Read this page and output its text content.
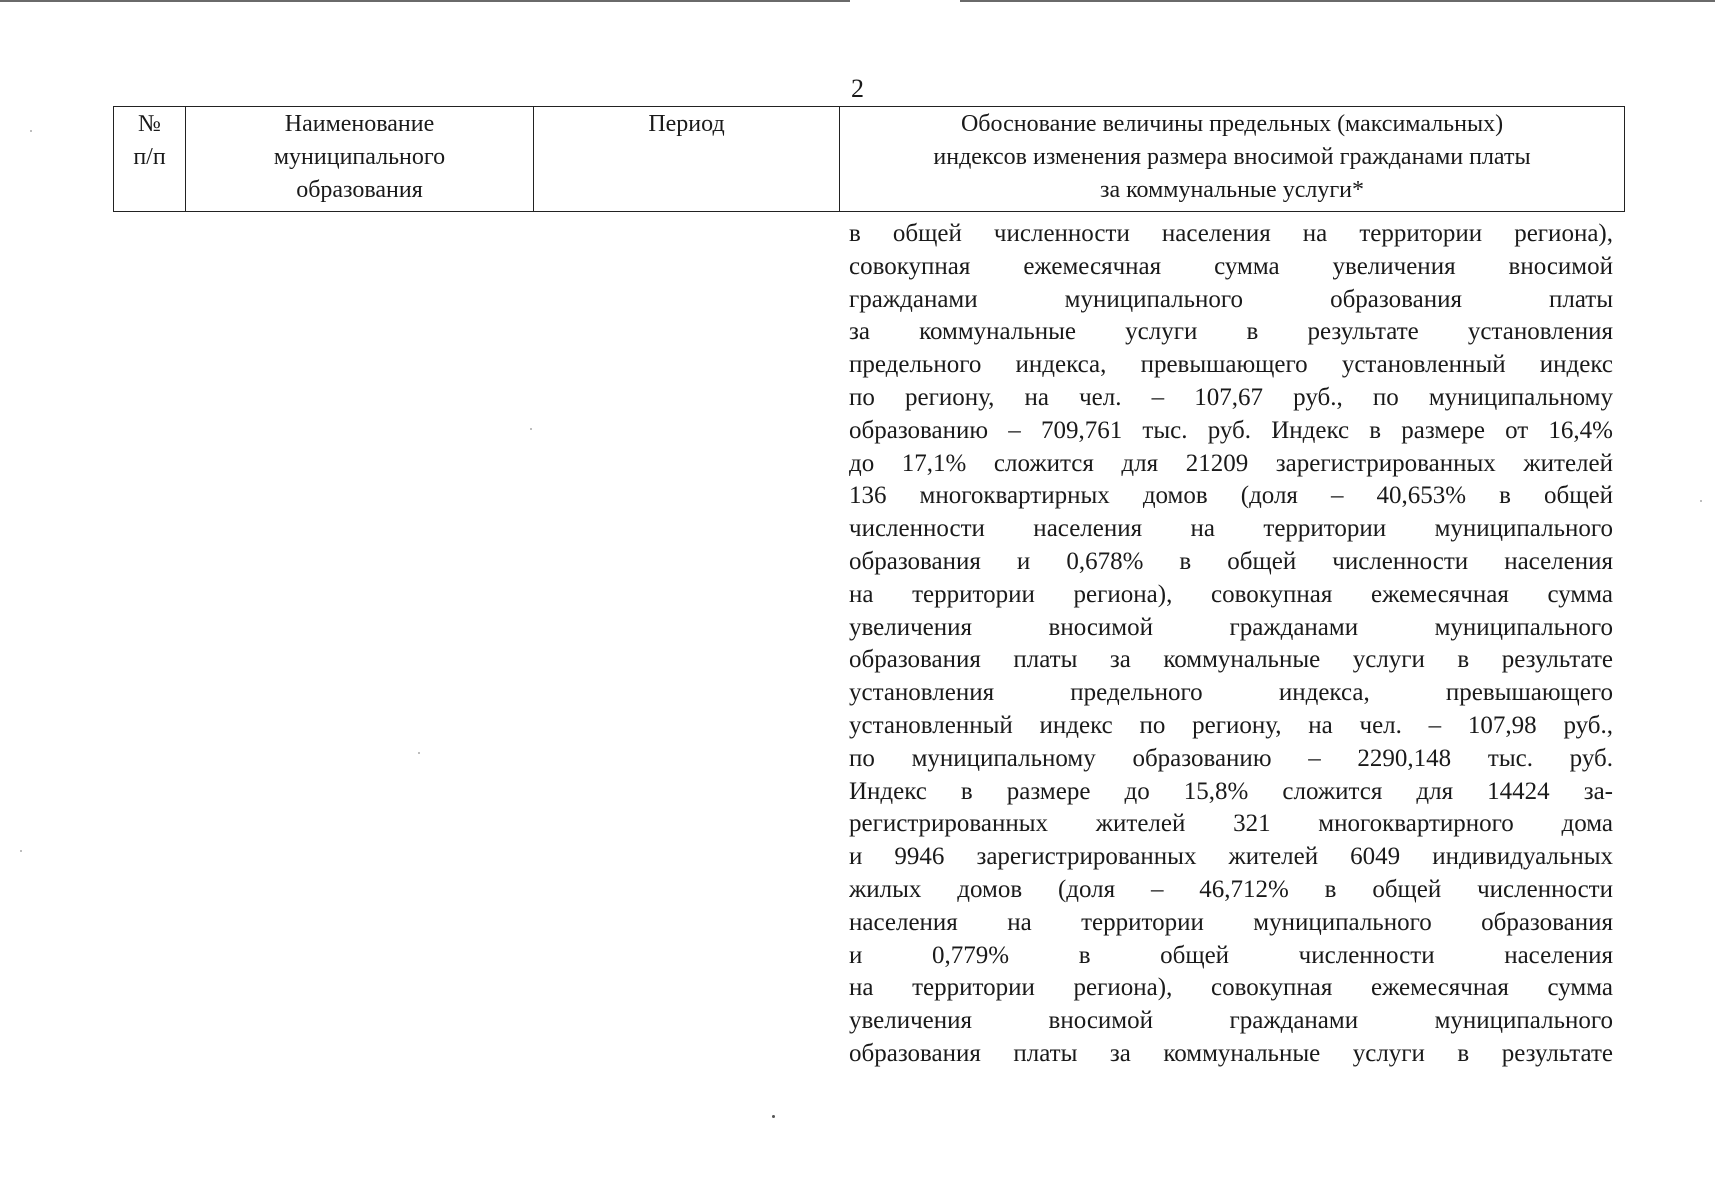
2
№
п/п
Наименование
муниципального
образования
Период	Обоснование величины предельных (максимальных)
индексов изменения размера вносимой гражданами платы
за коммунальные услуги*
в общей численности населения на территории региона),
совокупная ежемесячная сумма увеличения вносимой
гражданами муниципального образования платы
за коммунальные услуги в результате установления
предельного индекса, превышающего установленный индекс
по региону, на чел. – 107,67 руб., по муниципальному
образованию – 709,761 тыс. руб. Индекс в размере от 16,4%
до 17,1% сложится для 21209 зарегистрированных жителей
136 многоквартирных домов (доля – 40,653% в общей
численности населения на территории муниципального
образования и 0,678% в общей численности населения
на территории региона), совокупная ежемесячная сумма
увеличения вносимой гражданами муниципального
образования платы за коммунальные услуги в результате
установления предельного индекса, превышающего
установленный индекс по региону, на чел. – 107,98 руб.,
по муниципальному образованию – 2290,148 тыс. руб.
Индекс в размере до 15,8% сложится для 14424 за-
регистрированных жителей 321 многоквартирного дома
и 9946 зарегистрированных жителей 6049 индивидуальных
жилых домов (доля – 46,712% в общей численности
населения на территории муниципального образования
и 0,779% в общей численности населения
на территории региона), совокупная ежемесячная сумма
увеличения вносимой гражданами муниципального
образования платы за коммунальные услуги в результате
